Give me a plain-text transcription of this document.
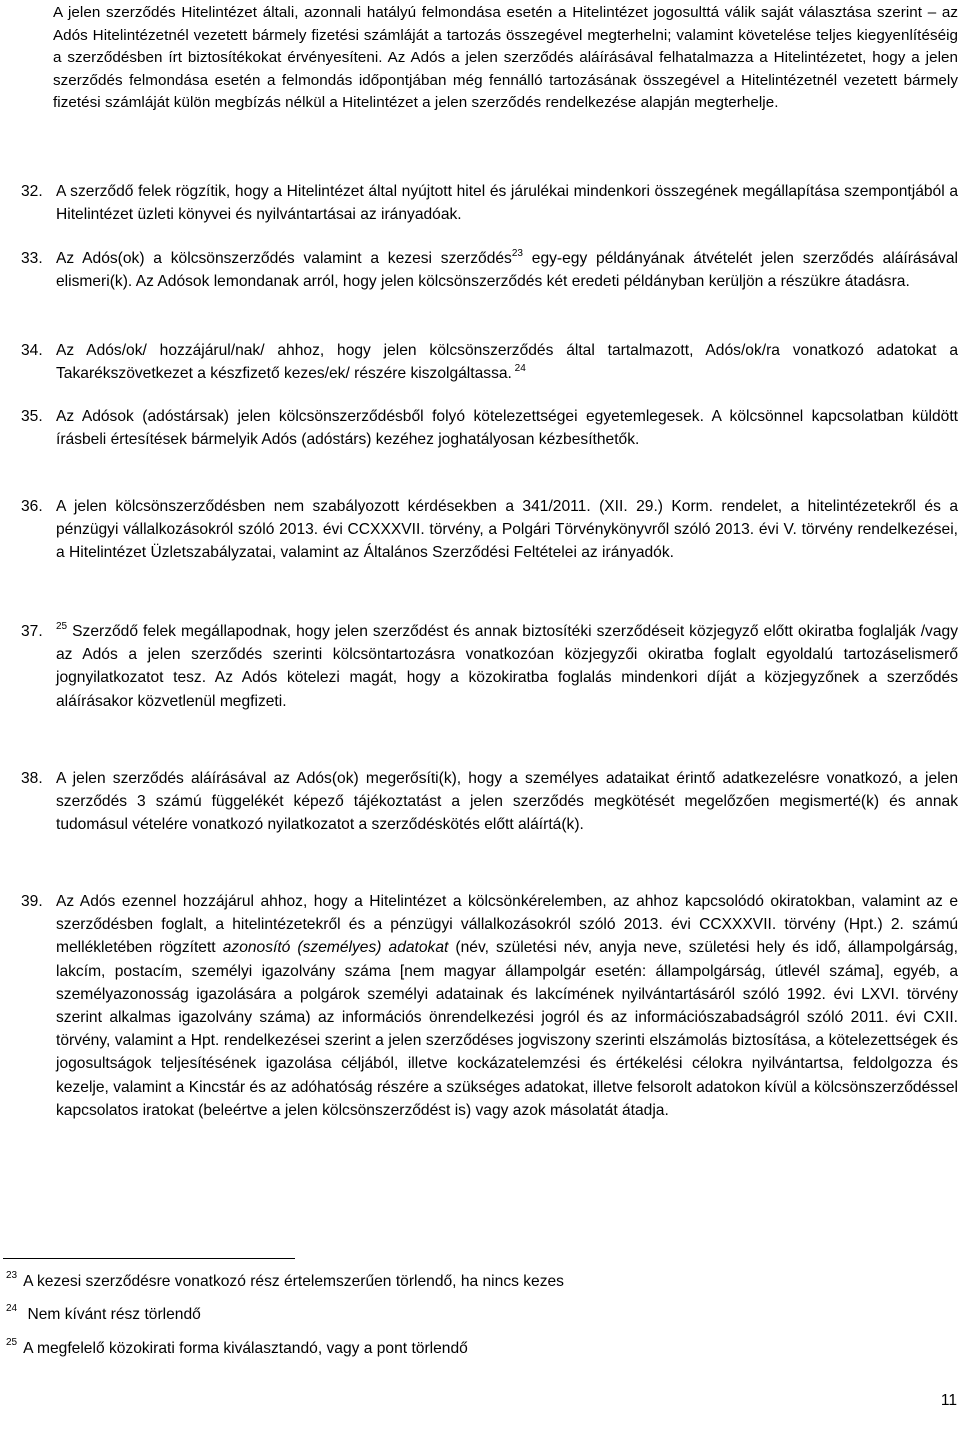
A jelen szerződés Hitelintézet általi, azonnali hatályú felmondása esetén a Hitelintézet jogosulttá válik saját választása szerint – az Adós Hitelintézetnél vezetett bármely fizetési számláját a tartozás összegével megterhelni; valamint követelése teljes kiegyenlítéséig a szerződésben írt biztosítékokat érvényesíteni. Az Adós a jelen szerződés aláírásával felhatalmazza a Hitelintézetet, hogy a jelen szerződés felmondása esetén a felmondás időpontjában még fennálló tartozásának összegével a Hitelintézetnél vezetett bármely fizetési számláját külön megbízás nélkül a Hitelintézet a jelen szerződés rendelkezése alapján megterhelje.

32. A szerződő felek rögzítik, hogy a Hitelintézet által nyújtott hitel és járulékai mindenkori összegének megállapítása szempontjából a Hitelintézet üzleti könyvei és nyilvántartásai az irányadóak.

33. Az Adós(ok) a kölcsönszerződés valamint a kezesi szerződés$^{23}$ egy-egy példányának átvételét jelen szerződés aláírásával elismeri(k). Az Adósok lemondanak arról, hogy jelen kölcsönszerződés két eredeti példányban kerüljön a részükre átadásra.

34. Az Adós/ok/ hozzájárul/nak/ ahhoz, hogy jelen kölcsönszerződés által tartalmazott, Adós/ok/ra vonatkozó adatokat a Takarékszövetkezet a készfizető kezes/ek/ részére kiszolgáltassa. $^{24}$

35. Az Adósok (adóstársak) jelen kölcsönszerződésből folyó kötelezettségei egyetemlegesek. A kölcsönnel kapcsolatban küldött írásbeli értesítések bármelyik Adós (adóstárs) kezéhez joghatályosan kézbesíthetők.

36. A jelen kölcsönszerződésben nem szabályozott kérdésekben a 341/2011. (XII. 29.) Korm. rendelet, a hitelintézetekről és a pénzügyi vállalkozásokról szóló 2013. évi CCXXXVII. törvény, a Polgári Törvénykönyvről szóló 2013. évi V. törvény rendelkezései, a Hitelintézet Üzletszabályzatai, valamint az Általános Szerződési Feltételei az irányadók.

37. $^{25}$ Szerződő felek megállapodnak, hogy jelen szerződést és annak biztosítéki szerződéseit közjegyző előtt okiratba foglalják /vagy az Adós a jelen szerződés szerinti kölcsöntartozásra vonatkozóan közjegyzői okiratba foglalt egyoldalú tartozáselismerő jognyilatkozatot tesz. Az Adós kötelezi magát, hogy a közokiratba foglalás mindenkori díját a közjegyzőnek a szerződés aláírásakor közvetlenül megfizeti.

38. A jelen szerződés aláírásával az Adós(ok) megerősíti(k), hogy a személyes adataikat érintő adatkezelésre vonatkozó, a jelen szerződés 3 számú függelékét képező tájékoztatást a jelen szerződés megkötését megelőzően megismerté(k) és annak tudomásul vételére vonatkozó nyilatkozatot a szerződéskötés előtt aláírtá(k).

39. Az Adós ezennel hozzájárul ahhoz, hogy a Hitelintézet a kölcsönkérelemben, az ahhoz kapcsolódó okiratokban, valamint az e szerződésben foglalt, a hitelintézetekről és a pénzügyi vállalkozásokról szóló 2013. évi CCXXXVII. törvény (Hpt.) 2. számú mellékletében rögzített azonosító (személyes) adatokat (név, születési név, anyja neve, születési hely és idő, állampolgárság, lakcím, postacím, személyi igazolvány száma [nem magyar állampolgár esetén: állampolgárság, útlevél száma], egyéb, a személyazonosság igazolására a polgárok személyi adatainak és lakcímének nyilvántartásáról szóló 1992. évi LXVI. törvény szerint alkalmas igazolvány száma) az információs önrendelkezési jogról és az információszabadságról szóló 2011. évi CXII. törvény, valamint a Hpt. rendelkezései szerint a jelen szerződéses jogviszony szerinti elszámolás biztosítása, a kötelezettségek és jogosultságok teljesítésének igazolása céljából, illetve kockázatelemzési és értékelési célokra nyilvántartsa, feldolgozza és kezelje, valamint a Kincstár és az adóhatóság részére a szükséges adatokat, illetve felsorolt adatokon kívül a kölcsönszerződéssel kapcsolatos iratokat (beleértve a jelen kölcsönszerződést is) vagy azok másolatát átadja.

$^{23}$ A kezesi szerződésre vonatkozó rész értelemszerűen törlendő, ha nincs kezes
$^{24}$ Nem kívánt rész törlendő
$^{25}$ A megfelelő közokirati forma kiválasztandó, vagy a pont törlendő
11
